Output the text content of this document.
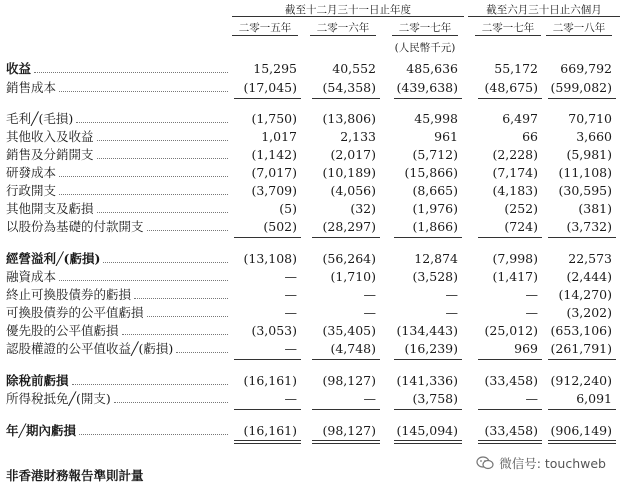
截至十二月三十一日止年度	截至六月三十日止六個月
二零一五年	二零一六年	二零一七年	二零一七年	二零一八年
(人民幣千元)
收益	15,295	40,552	485,636	55,172	669,792
銷售成本	(17,045)	(54,358)	(439,638)	(48,675)	(599,082)
毛利╱(毛損)	(1,750)	(13,806)	45,998	6,497	70,710
其他收入及收益	1,017	2,133	961	66	3,660
銷售及分銷開支	(1,142)	(2,017)	(5,712)	(2,228)	(5,981)
研發成本	(7,017)	(10,189)	(15,866)	(7,174)	(11,108)
行政開支	(3,709)	(4,056)	(8,665)	(4,183)	(30,595)
其他開支及虧損	(5)	(32)	(1,976)	(252)	(381)
以股份為基礎的付款開支	(502)	(28,297)	(1,866)	(724)	(3,732)
經營溢利╱(虧損)	(13,108)	(56,264)	12,874	(7,998)	22,573
融資成本	—	(1,710)	(3,528)	(1,417)	(2,444)
終止可換股債券的虧損	—	—	—	—	(14,270)
可換股債券的公平值虧損	—	—	—	—	(3,202)
優先股的公平值虧損	(3,053)	(35,405)	(134,443)	(25,012)	(653,106)
認股權證的公平值收益╱(虧損)	—	(4,748)	(16,239)	969	(261,791)
除稅前虧損	(16,161)	(98,127)	(141,336)	(33,458)	(912,240)
所得稅抵免╱(開支)	—	—	(3,758)	—	6,091
年╱期內虧損	(16,161)	(98,127)	(145,094)	(33,458)	(906,149)
非香港財務報告準則計量
微信号: touchweb
